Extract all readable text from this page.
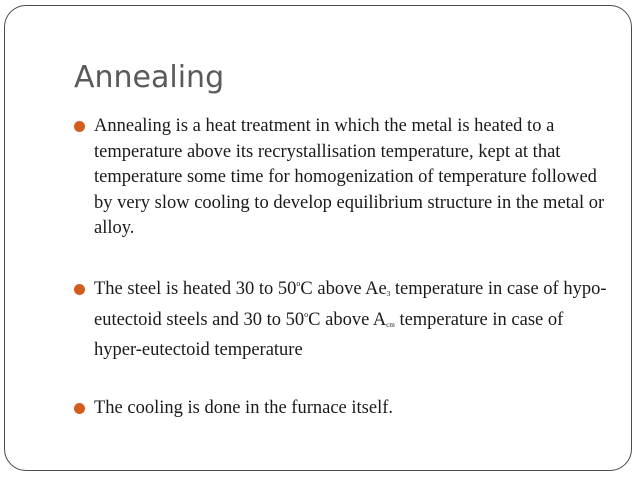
Annealing
Annealing is a heat treatment in which the metal is heated to a temperature above its recrystallisation temperature, kept at that temperature some time for homogenization of temperature followed by very slow cooling to develop equilibrium structure in the metal or alloy.
The steel is heated 30 to 50$^o$C above $Ae_3$ temperature in case of hypo-eutectoid steels and 30 to 50$^o$C above $A_{cm}$ temperature in case of hyper-eutectoid temperature
The cooling is done in the furnace itself.
